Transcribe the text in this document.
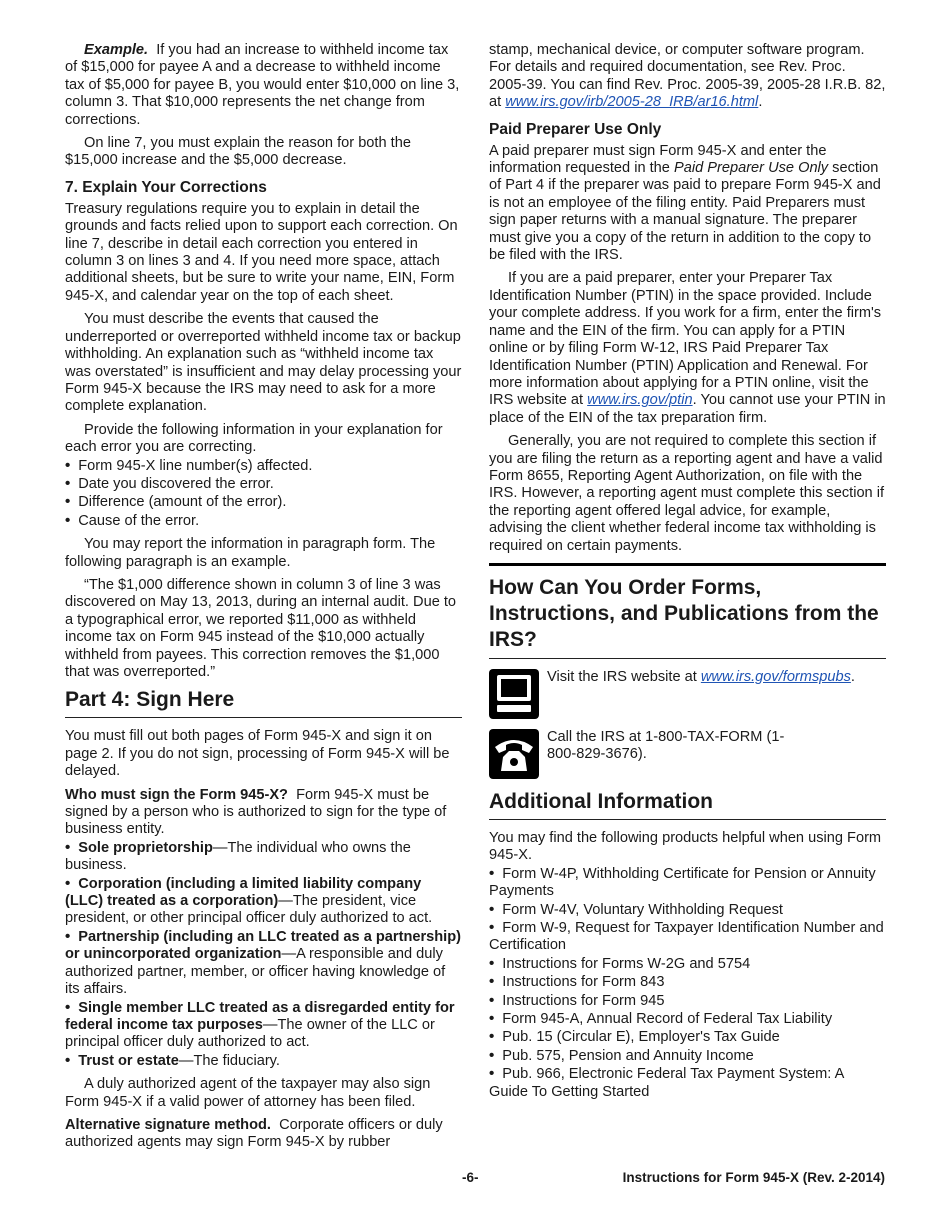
Example. If you had an increase to withheld income tax of $15,000 for payee A and a decrease to withheld income tax of $5,000 for payee B, you would enter $10,000 on line 3, column 3. That $10,000 represents the net change from corrections.

On line 7, you must explain the reason for both the $15,000 increase and the $5,000 decrease.

7. Explain Your Corrections

Treasury regulations require you to explain in detail the grounds and facts relied upon to support each correction. On line 7, describe in detail each correction you entered in column 3 on lines 3 and 4. If you need more space, attach additional sheets, but be sure to write your name, EIN, Form 945-X, and calendar year on the top of each sheet.

You must describe the events that caused the underreported or overreported withheld income tax or backup withholding. An explanation such as “withheld income tax was overstated” is insufficient and may delay processing your Form 945-X because the IRS may need to ask for a more complete explanation.

Provide the following information in your explanation for each error you are correcting.

• Form 945-X line number(s) affected.
• Date you discovered the error.
• Difference (amount of the error).
• Cause of the error.

You may report the information in paragraph form. The following paragraph is an example.

“The $1,000 difference shown in column 3 of line 3 was discovered on May 13, 2013, during an internal audit. Due to a typographical error, we reported $11,000 as withheld income tax on Form 945 instead of the $10,000 actually withheld from payees. This correction removes the $1,000 that was overreported.”

Part 4: Sign Here

You must fill out both pages of Form 945-X and sign it on page 2. If you do not sign, processing of Form 945-X will be delayed.

Who must sign the Form 945-X? Form 945-X must be signed by a person who is authorized to sign for the type of business entity.

• Sole proprietorship—The individual who owns the business.
• Corporation (including a limited liability company (LLC) treated as a corporation)—The president, vice president, or other principal officer duly authorized to act.
• Partnership (including an LLC treated as a partnership) or unincorporated organization—A responsible and duly authorized partner, member, or officer having knowledge of its affairs.
• Single member LLC treated as a disregarded entity for federal income tax purposes—The owner of the LLC or principal officer duly authorized to act.
• Trust or estate—The fiduciary.

A duly authorized agent of the taxpayer may also sign Form 945-X if a valid power of attorney has been filed.

Alternative signature method. Corporate officers or duly authorized agents may sign Form 945-X by rubber

stamp, mechanical device, or computer software program. For details and required documentation, see Rev. Proc. 2005-39. You can find Rev. Proc. 2005-39, 2005-28 I.R.B. 82, at www.irs.gov/irb/2005-28_IRB/ar16.html.

Paid Preparer Use Only

A paid preparer must sign Form 945-X and enter the information requested in the Paid Preparer Use Only section of Part 4 if the preparer was paid to prepare Form 945-X and is not an employee of the filing entity. Paid Preparers must sign paper returns with a manual signature. The preparer must give you a copy of the return in addition to the copy to be filed with the IRS.

If you are a paid preparer, enter your Preparer Tax Identification Number (PTIN) in the space provided. Include your complete address. If you work for a firm, enter the firm's name and the EIN of the firm. You can apply for a PTIN online or by filing Form W-12, IRS Paid Preparer Tax Identification Number (PTIN) Application and Renewal. For more information about applying for a PTIN online, visit the IRS website at www.irs.gov/ptin. You cannot use your PTIN in place of the EIN of the tax preparation firm.

Generally, you are not required to complete this section if you are filing the return as a reporting agent and have a valid Form 8655, Reporting Agent Authorization, on file with the IRS. However, a reporting agent must complete this section if the reporting agent offered legal advice, for example, advising the client whether federal income tax withholding is required on certain payments.

How Can You Order Forms, Instructions, and Publications from the IRS?
Visit the IRS website at www.irs.gov/formspubs.
Call the IRS at 1-800-TAX-FORM (1-800-829-3676).
Additional Information

You may find the following products helpful when using Form 945-X.

• Form W-4P, Withholding Certificate for Pension or Annuity Payments
• Form W-4V, Voluntary Withholding Request
• Form W-9, Request for Taxpayer Identification Number and Certification
• Instructions for Forms W-2G and 5754
• Instructions for Form 843
• Instructions for Form 945
• Form 945-A, Annual Record of Federal Tax Liability
• Pub. 15 (Circular E), Employer's Tax Guide
• Pub. 575, Pension and Annuity Income
• Pub. 966, Electronic Federal Tax Payment System: A Guide To Getting Started
-6-	Instructions for Form 945-X (Rev. 2-2014)
